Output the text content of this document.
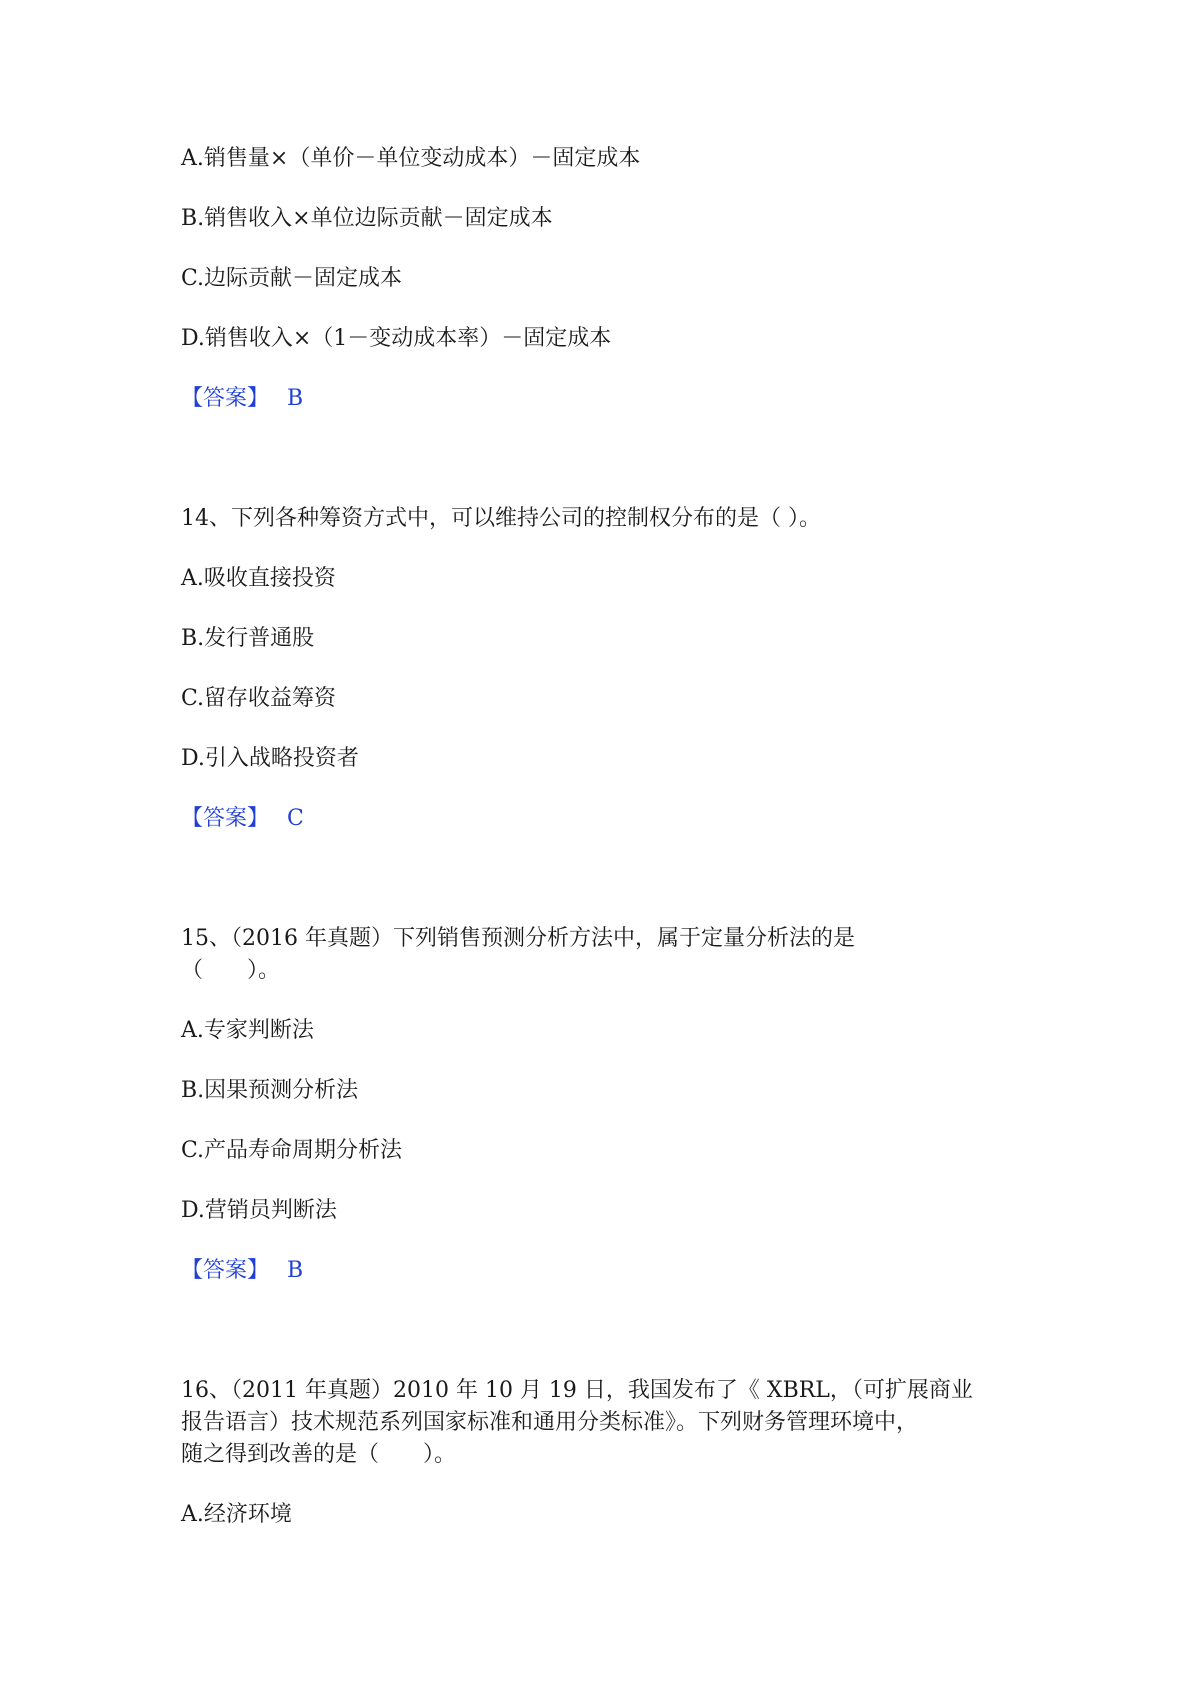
A.销售量×（单价－单位变动成本）－固定成本
B.销售收入×单位边际贡献－固定成本
C.边际贡献－固定成本
D.销售收入×（1－变动成本率）－固定成本
【答案】 B
14、下列各种筹资方式中，可以维持公司的控制权分布的是（ ）。
A.吸收直接投资
B.发行普通股
C.留存收益筹资
D.引入战略投资者
【答案】 C
15、（2016 年真题）下列销售预测分析方法中，属于定量分析法的是
（　　）。
A.专家判断法
B.因果预测分析法
C.产品寿命周期分析法
D.营销员判断法
【答案】 B
16、（2011 年真题）2010 年 10 月 19 日，我国发布了《 XBRL，（可扩展商业
报告语言）技术规范系列国家标准和通用分类标准》。下列财务管理环境中，
随之得到改善的是（　　）。
A.经济环境
